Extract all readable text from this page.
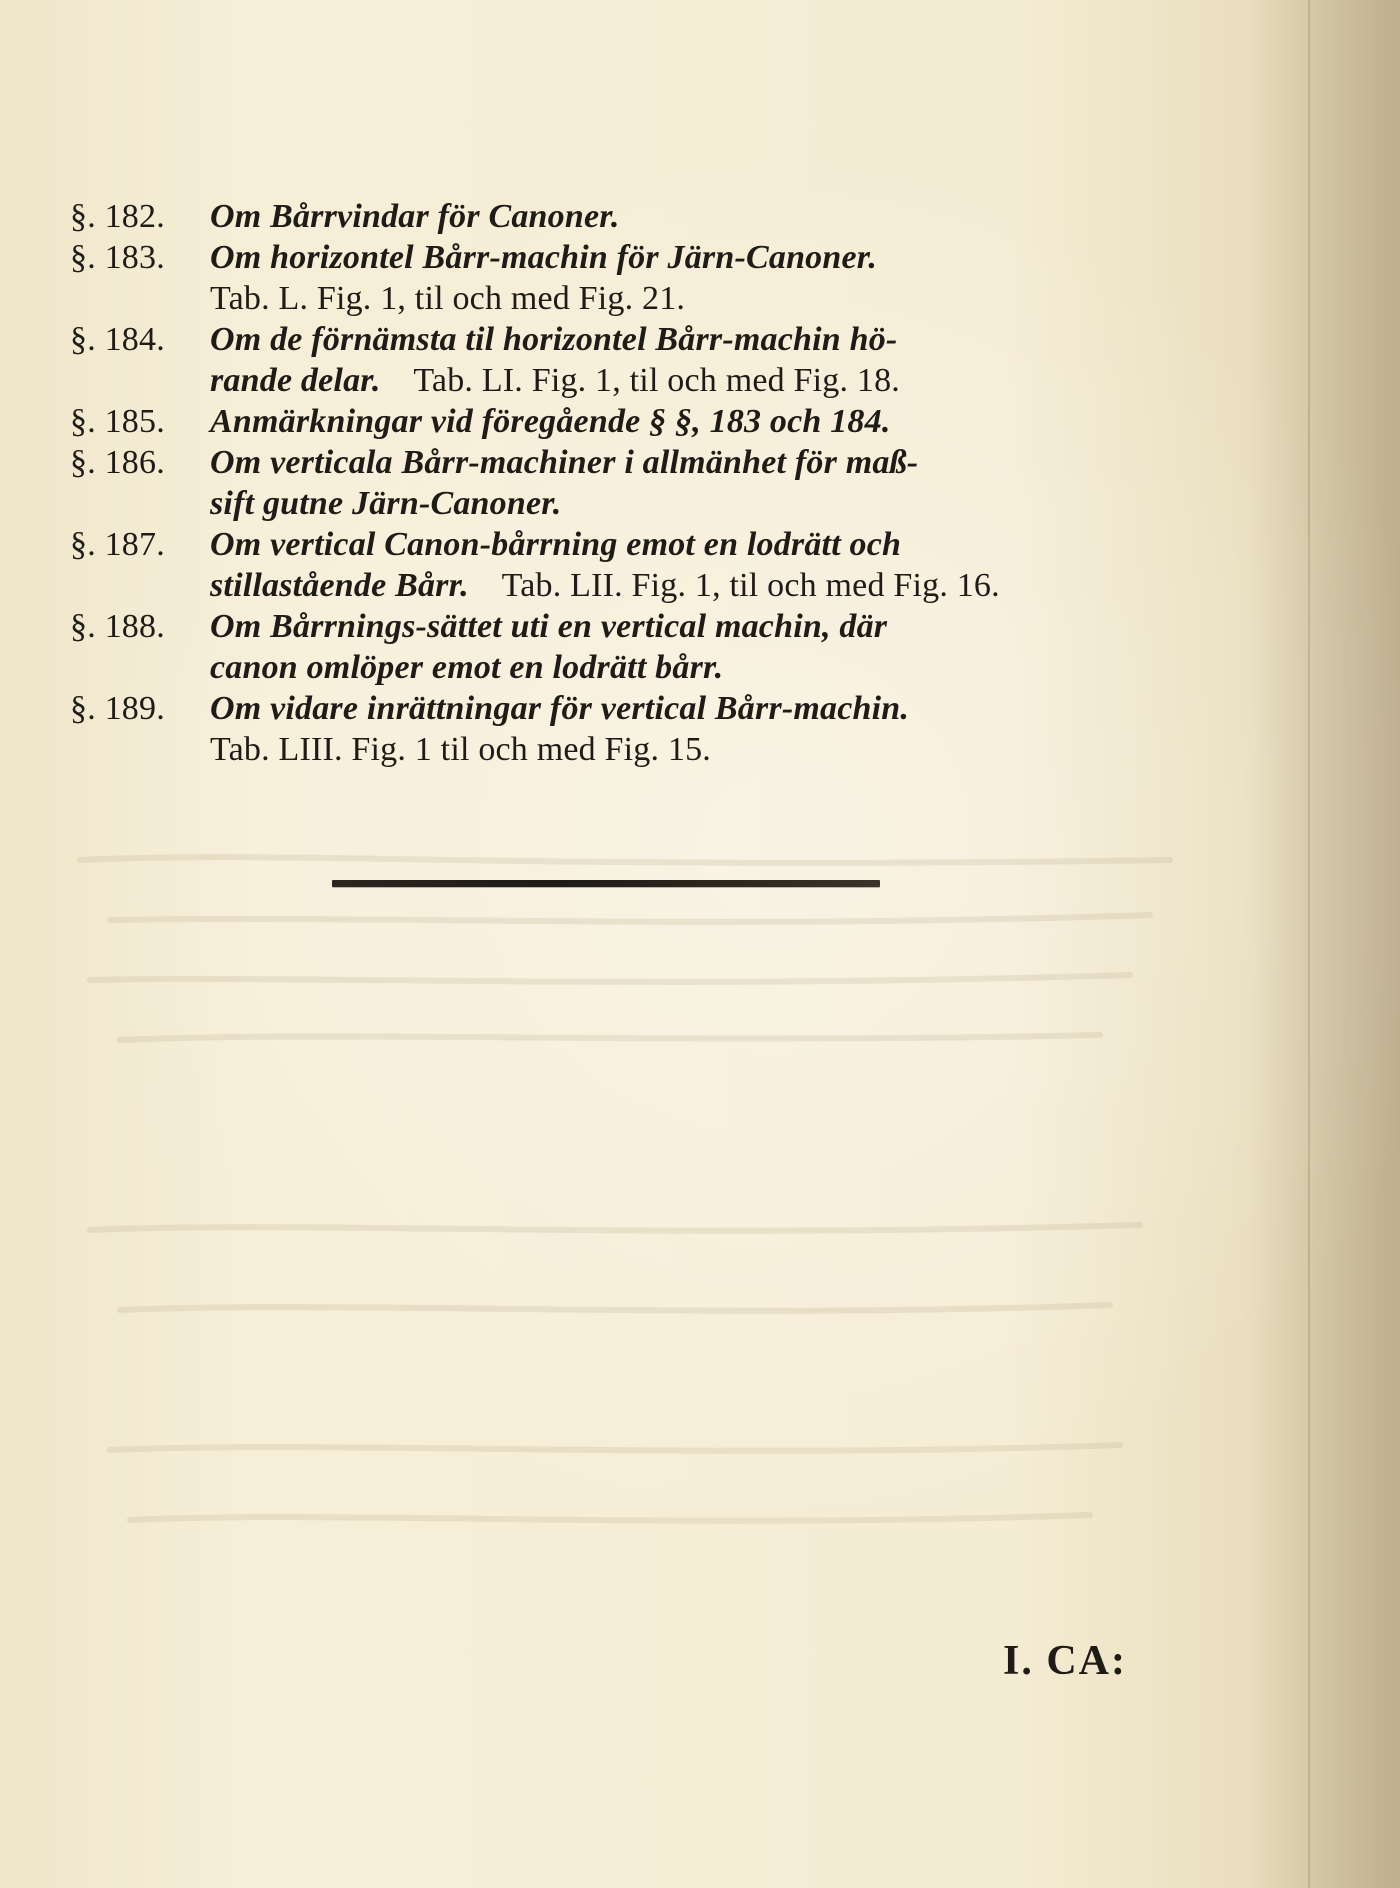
§. 182.	Om Bårrvindar för Canoner.
§. 183.	Om horizontel Bårr-machin för Järn-Canoner.
Tab. L. Fig. 1, til och med Fig. 21.
§. 184.	Om de förnämsta til horizontel Bårr-machin hö-
rande delar. Tab. LI. Fig. 1, til och med Fig. 18.
§. 185.	Anmärkningar vid föregående § §, 183 och 184.
§. 186.	Om verticala Bårr-machiner i allmänhet för maß-
sift gutne Järn-Canoner.
§. 187.	Om vertical Canon-bårrning emot en lodrätt och
stillastående Bårr. Tab. LII. Fig. 1, til och med Fig. 16.
§. 188.	Om Bårrnings-sättet uti en vertical machin, där
canon omlöper emot en lodrätt bårr.
§. 189.	Om vidare inrättningar för vertical Bårr-machin.
Tab. LIII. Fig. 1 til och med Fig. 15.
I. CA:
